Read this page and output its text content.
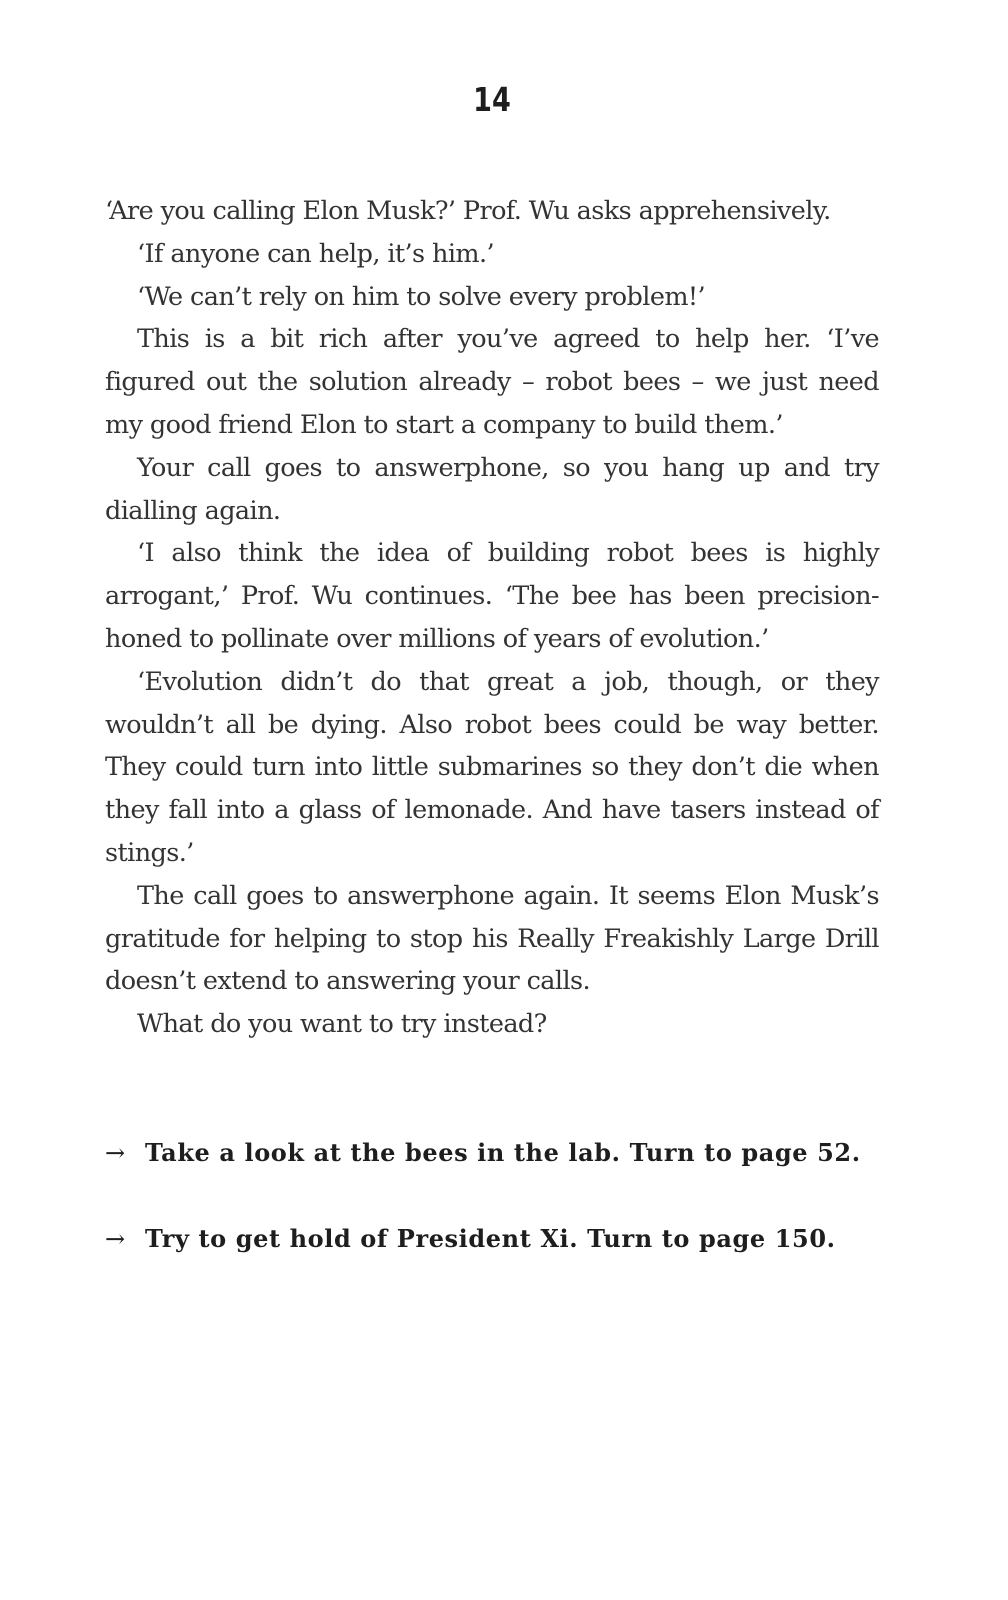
14

‘Are you calling Elon Musk?’ Prof. Wu asks apprehensively.

‘If anyone can help, it’s him.’

‘We can’t rely on him to solve every problem!’

This is a bit rich after you’ve agreed to help her. ‘I’ve figured out the solution already – robot bees – we just need my good friend Elon to start a company to build them.’

Your call goes to answerphone, so you hang up and try dialling again.

‘I also think the idea of building robot bees is highly arrogant,’ Prof. Wu continues. ‘The bee has been precision-honed to pollinate over millions of years of evolution.’

‘Evolution didn’t do that great a job, though, or they wouldn’t all be dying. Also robot bees could be way better. They could turn into little submarines so they don’t die when they fall into a glass of lemonade. And have tasers instead of stings.’

The call goes to answerphone again. It seems Elon Musk’s gratitude for helping to stop his Really Freakishly Large Drill doesn’t extend to answering your calls.

What do you want to try instead?

→ Take a look at the bees in the lab. Turn to page 52.
→ Try to get hold of President Xi. Turn to page 150.
